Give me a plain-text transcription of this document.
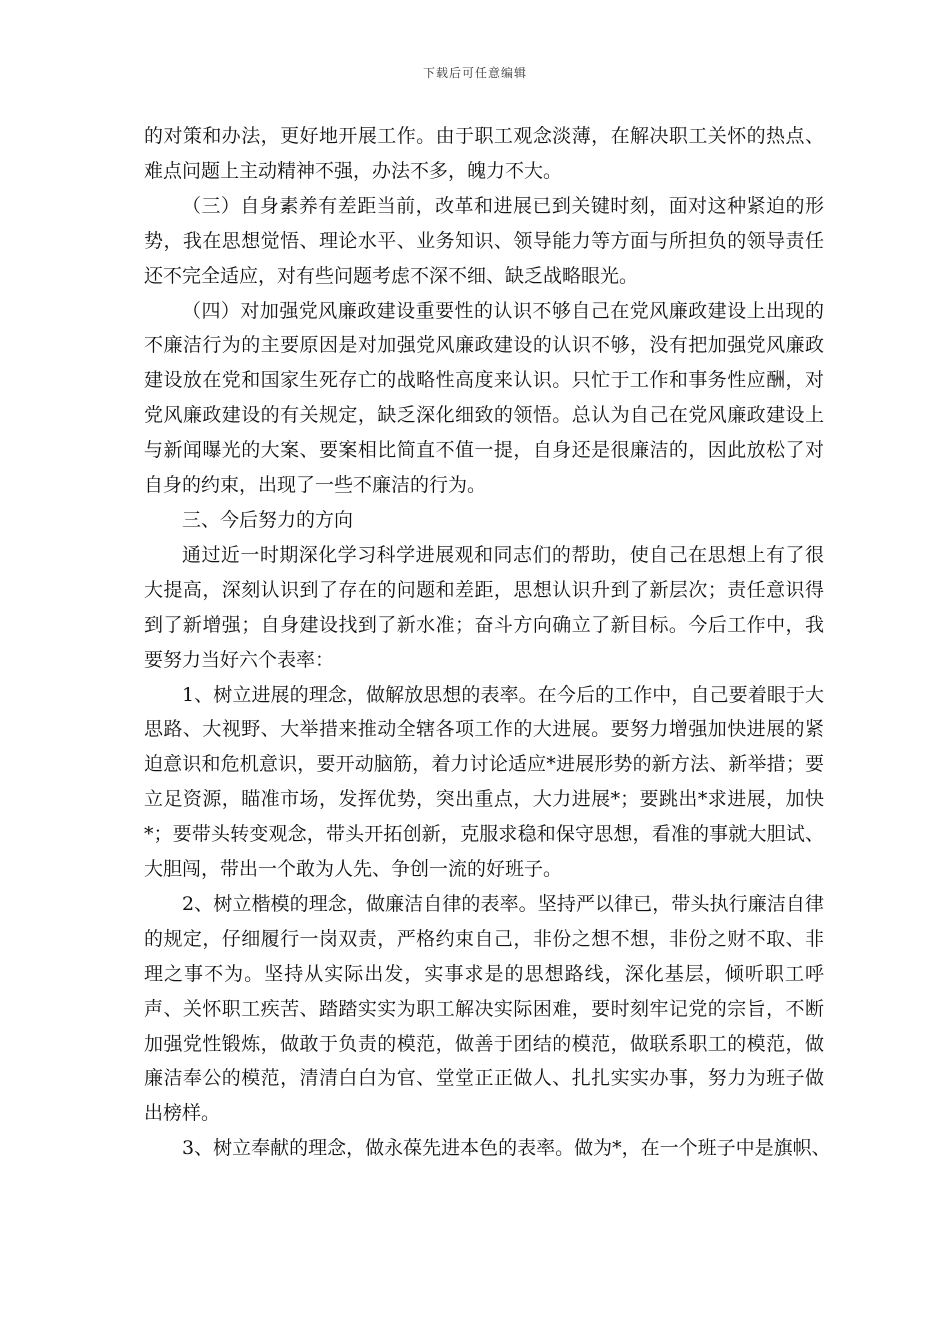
下载后可任意编辑

的对策和办法，更好地开展工作。由于职工观念淡薄，在解决职工关怀的热点、难点问题上主动精神不强，办法不多，魄力不大。

（三）自身素养有差距当前，改革和进展已到关键时刻，面对这种紧迫的形势，我在思想觉悟、理论水平、业务知识、领导能力等方面与所担负的领导责任还不完全适应，对有些问题考虑不深不细、缺乏战略眼光。

（四）对加强党风廉政建设重要性的认识不够自己在党风廉政建设上出现的不廉洁行为的主要原因是对加强党风廉政建设的认识不够，没有把加强党风廉政建设放在党和国家生死存亡的战略性高度来认识。只忙于工作和事务性应酬，对党风廉政建设的有关规定，缺乏深化细致的领悟。总认为自己在党风廉政建设上与新闻曝光的大案、要案相比简直不值一提，自身还是很廉洁的，因此放松了对自身的约束，出现了一些不廉洁的行为。

三、今后努力的方向

通过近一时期深化学习科学进展观和同志们的帮助，使自己在思想上有了很大提高，深刻认识到了存在的问题和差距，思想认识升到了新层次；责任意识得到了新增强；自身建设找到了新水准；奋斗方向确立了新目标。今后工作中，我要努力当好六个表率：

1、树立进展的理念，做解放思想的表率。在今后的工作中，自己要着眼于大思路、大视野、大举措来推动全辖各项工作的大进展。要努力增强加快进展的紧迫意识和危机意识，要开动脑筋，着力讨论适应*进展形势的新方法、新举措；要立足资源，瞄准市场，发挥优势，突出重点，大力进展*；要跳出*求进展，加快*；要带头转变观念，带头开拓创新，克服求稳和保守思想，看准的事就大胆试、大胆闯，带出一个敢为人先、争创一流的好班子。

2、树立楷模的理念，做廉洁自律的表率。坚持严以律已，带头执行廉洁自律的规定，仔细履行一岗双责，严格约束自己，非份之想不想，非份之财不取、非理之事不为。坚持从实际出发，实事求是的思想路线，深化基层，倾听职工呼声、关怀职工疾苦、踏踏实实为职工解决实际困难，要时刻牢记党的宗旨，不断加强党性锻炼，做敢于负责的模范，做善于团结的模范，做联系职工的模范，做廉洁奉公的模范，清清白白为官、堂堂正正做人、扎扎实实办事，努力为班子做出榜样。

3、树立奉献的理念，做永葆先进本色的表率。做为*，在一个班子中是旗帜、
